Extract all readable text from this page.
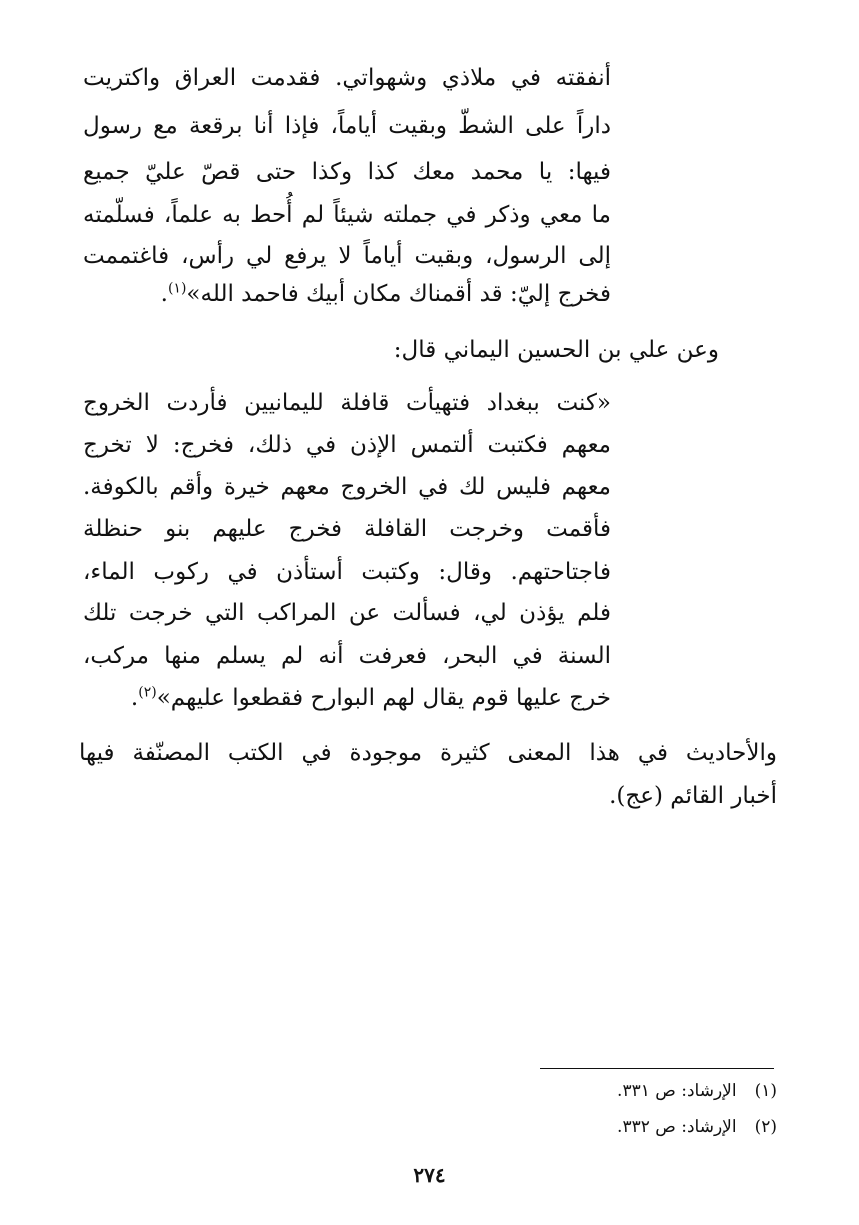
أنفقته في ملاذي وشهواتي. فقدمت العراق واكتريت
داراً على الشطّ وبقيت أياماً، فإذا أنا برقعة مع رسول
فيها: يا محمد معك كذا وكذا حتى قصّ عليّ جميع
ما معي وذكر في جملته شيئاً لم أُحط به علماً، فسلّمته
إلى الرسول، وبقيت أياماً لا يرفع لي رأس، فاغتممت
فخرج إليّ: قد أقمناك مكان أبيك فاحمد الله»$^{(١)}$.
وعن علي بن الحسين اليماني قال:
«كنت ببغداد فتهيأت قافلة لليمانيين فأردت الخروج
معهم فكتبت ألتمس الإذن في ذلك، فخرج: لا تخرج
معهم فليس لك في الخروج معهم خيرة وأقم بالكوفة.
فأقمت وخرجت القافلة فخرج عليهم بنو حنظلة
فاجتاحتهم. وقال: وكتبت أستأذن في ركوب الماء،
فلم يؤذن لي، فسألت عن المراكب التي خرجت تلك
السنة في البحر، فعرفت أنه لم يسلم منها مركب،
خرج عليها قوم يقال لهم البوارح فقطعوا عليهم»$^{(٢)}$.
والأحاديث في هذا المعنى كثيرة موجودة في الكتب المصنّفة فيها
أخبار القائم (عج).
(١)الإرشاد: ص ٣٣١.
(٢)الإرشاد: ص ٣٣٢.
٢٧٤
